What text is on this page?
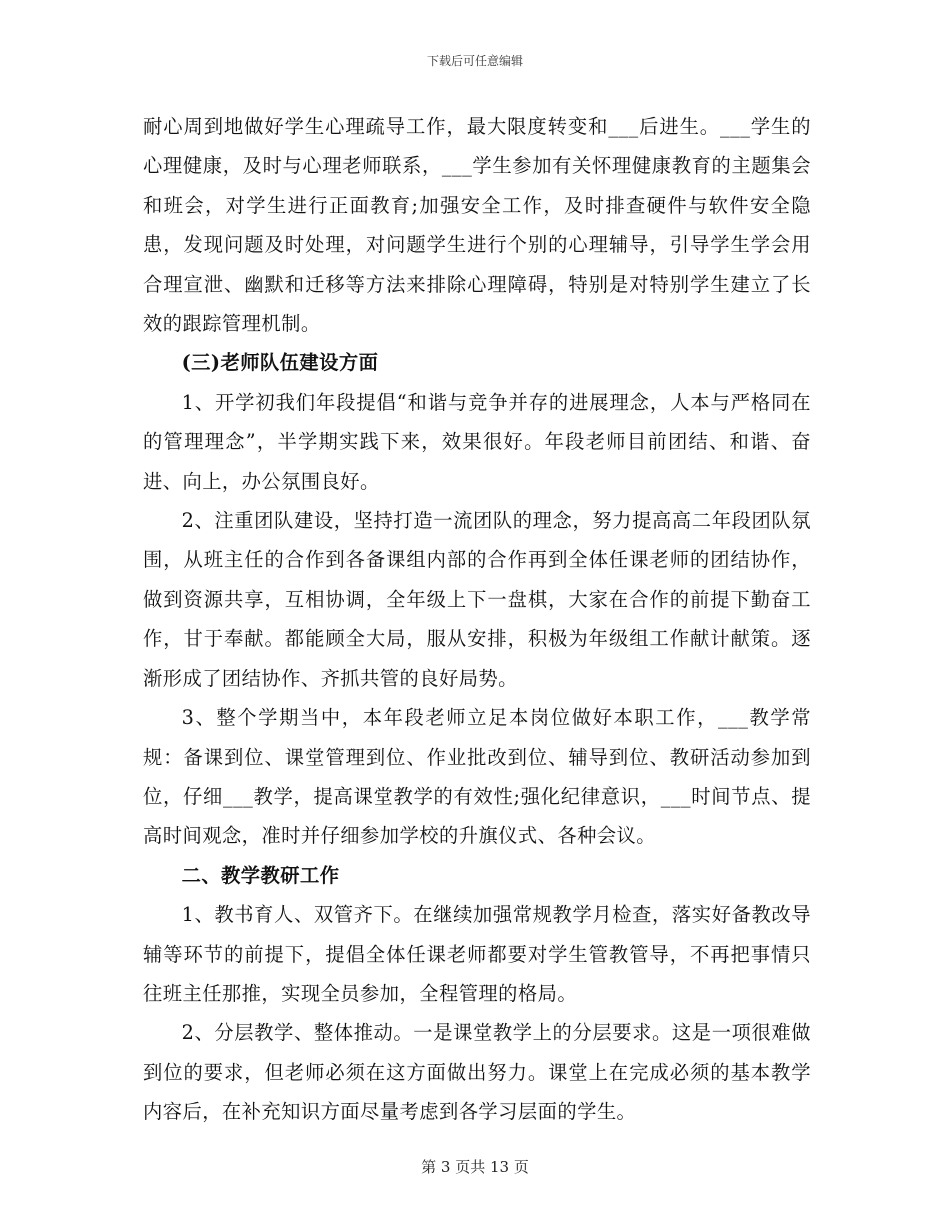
下载后可任意编辑

耐心周到地做好学生心理疏导工作，最大限度转变和___后进生。___学生的心理健康，及时与心理老师联系，___学生参加有关怀理健康教育的主题集会和班会，对学生进行正面教育;加强安全工作，及时排查硬件与软件安全隐患，发现问题及时处理，对问题学生进行个别的心理辅导，引导学生学会用合理宣泄、幽默和迁移等方法来排除心理障碍，特别是对特别学生建立了长效的跟踪管理机制。

(三)老师队伍建设方面

1、开学初我们年段提倡“和谐与竞争并存的进展理念，人本与严格同在的管理理念”，半学期实践下来，效果很好。年段老师目前团结、和谐、奋进、向上，办公氛围良好。

2、注重团队建设，坚持打造一流团队的理念，努力提高高二年段团队氛围，从班主任的合作到各备课组内部的合作再到全体任课老师的团结协作，做到资源共享，互相协调，全年级上下一盘棋，大家在合作的前提下勤奋工作，甘于奉献。都能顾全大局，服从安排，积极为年级组工作献计献策。逐渐形成了团结协作、齐抓共管的良好局势。

3、整个学期当中，本年段老师立足本岗位做好本职工作，___教学常规：备课到位、课堂管理到位、作业批改到位、辅导到位、教研活动参加到位，仔细___教学，提高课堂教学的有效性;强化纪律意识，___时间节点、提高时间观念，准时并仔细参加学校的升旗仪式、各种会议。

二、教学教研工作

1、教书育人、双管齐下。在继续加强常规教学月检查，落实好备教改导辅等环节的前提下，提倡全体任课老师都要对学生管教管导，不再把事情只往班主任那推，实现全员参加，全程管理的格局。

2、分层教学、整体推动。一是课堂教学上的分层要求。这是一项很难做到位的要求，但老师必须在这方面做出努力。课堂上在完成必须的基本教学内容后，在补充知识方面尽量考虑到各学习层面的学生。

第 3 页共 13 页
